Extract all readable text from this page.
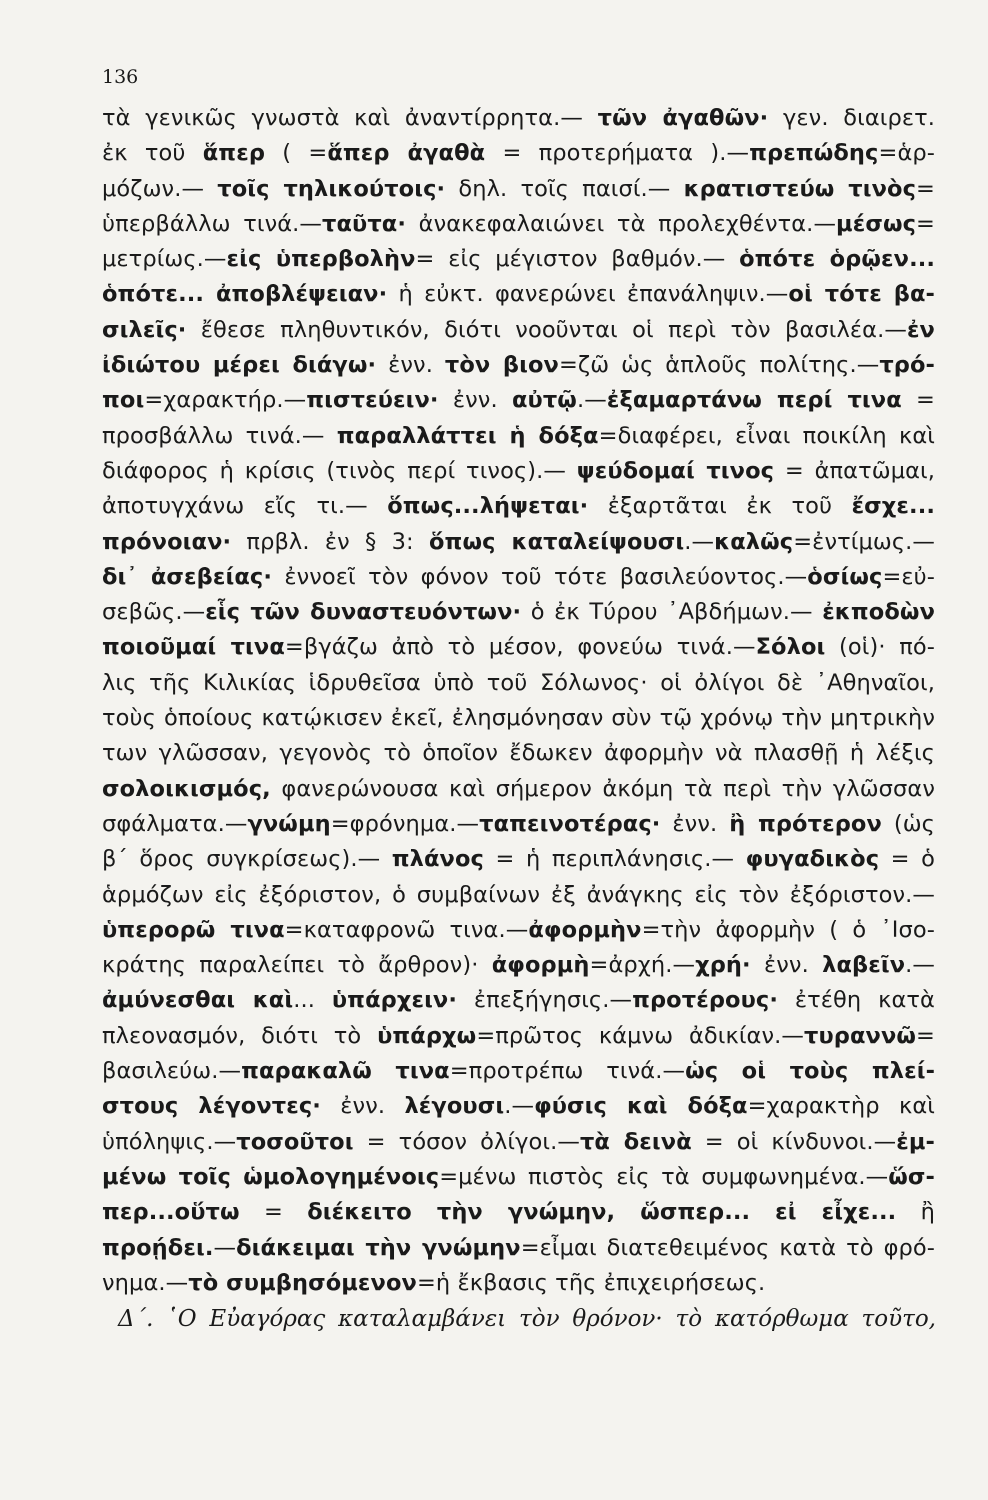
136
τὰ γενικῶς γνωστὰ καὶ ἀναντίρρητα.— τῶν ἀγαθῶν· γεν. διαιρετ.
ἐκ τοῦ ἅπερ ( =ἅπερ ἀγαθὰ = προτερήματα ).—πρεπώδης=ἁρ-
μόζων.— τοῖς τηλικούτοις· δηλ. τοῖς παισί.— κρατιστεύω τινὸς=
ὑπερβάλλω τινά.—ταῦτα· ἀνακεφαλαιώνει τὰ προλεχθέντα.—μέσως=
μετρίως.—εἰς ὑπερβολὴν= εἰς μέγιστον βαθμόν.— ὁπότε ὁρῷεν...
ὁπότε... ἀποβλέψειαν· ἡ εὐκτ. φανερώνει ἐπανάληψιν.—οἱ τότε βα-
σιλεῖς· ἔθεσε πληθυντικόν, διότι νοοῦνται οἱ περὶ τὸν βασιλέα.—ἐν
ἰδιώτου μέρει διάγω· ἐνν. τὸν βιον=ζῶ ὡς ἁπλοῦς πολίτης.—τρό-
ποι=χαρακτήρ.—πιστεύειν· ἐνν. αὐτῷ.—ἐξαμαρτάνω περί τινα =
προσβάλλω τινά.— παραλλάττει ἡ δόξα=διαφέρει, εἶναι ποικίλη καὶ
διάφορος ἡ κρίσις (τινὸς περί τινος).— ψεύδομαί τινος = ἀπατῶμαι,
ἀποτυγχάνω εἴς τι.— ὅπως...λήψεται· ἐξαρτᾶται ἐκ τοῦ ἔσχε...
πρόνοιαν· πρβλ. ἐν § 3: ὅπως καταλείψουσι.—καλῶς=ἐντίμως.—
δι᾽ ἀσεβείας· ἐννοεῖ τὸν φόνον τοῦ τότε βασιλεύοντος.—ὁσίως=εὐ-
σεβῶς.—εἷς τῶν δυναστευόντων· ὁ ἐκ Τύρου ᾿Αβδήμων.— ἐκποδὼν
ποιοῦμαί τινα=βγάζω ἀπὸ τὸ μέσον, φονεύω τινά.—Σόλοι (οἱ)· πό-
λις τῆς Κιλικίας ἱδρυθεῖσα ὑπὸ τοῦ Σόλωνος· οἱ ὀλίγοι δὲ ᾿Αθηναῖοι,
τοὺς ὁποίους κατῴκισεν ἐκεῖ, ἐλησμόνησαν σὺν τῷ χρόνῳ τὴν μητρικὴν
των γλῶσσαν, γεγονὸς τὸ ὁποῖον ἔδωκεν ἀφορμὴν νὰ πλασθῇ ἡ λέξις
σολοικισμός, φανερώνουσα καὶ σήμερον ἀκόμη τὰ περὶ τὴν γλῶσσαν
σφάλματα.—γνώμη=φρόνημα.—ταπεινοτέρας· ἐνν. ἢ πρότερον (ὡς
β΄ ὅρος συγκρίσεως).— πλάνος = ἡ περιπλάνησις.— φυγαδικὸς = ὁ
ἁρμόζων εἰς ἐξόριστον, ὁ συμβαίνων ἐξ ἀνάγκης εἰς τὸν ἐξόριστον.—
ὑπερορῶ τινα=καταφρονῶ τινα.—ἀφορμὴν=τὴν ἀφορμὴν ( ὁ ᾿Ισο-
κράτης παραλείπει τὸ ἄρθρον)· ἀφορμὴ=ἀρχή.—χρή· ἐνν. λαβεῖν.—
ἀμύνεσθαι καὶ... ὑπάρχειν· ἐπεξήγησις.—προτέρους· ἐτέθη κατὰ
πλεονασμόν, διότι τὸ ὑπάρχω=πρῶτος κάμνω ἀδικίαν.—τυραννῶ=
βασιλεύω.—παρακαλῶ τινα=προτρέπω τινά.—ὡς οἱ τοὺς πλεί-
στους λέγοντες· ἐνν. λέγουσι.—φύσις καὶ δόξα=χαρακτὴρ καὶ
ὑπόληψις.—τοσοῦτοι = τόσον ὀλίγοι.—τὰ δεινὰ = οἱ κίνδυνοι.—ἐμ-
μένω τοῖς ὡμολογημένοις=μένω πιστὸς εἰς τὰ συμφωνημένα.—ὥσ-
περ...οὕτω = διέκειτο τὴν γνώμην, ὥσπερ... εἰ εἶχε... ἢ
προῄδει.—διάκειμαι τὴν γνώμην=εἶμαι διατεθειμένος κατὰ τὸ φρό-
νημα.—τὸ συμβησόμενον=ἡ ἔκβασις τῆς ἐπιχειρήσεως.
Δ΄. ῾Ο Εὐαγόρας καταλαμβάνει τὸν θρόνον· τὸ κατόρθωμα τοῦτο,
